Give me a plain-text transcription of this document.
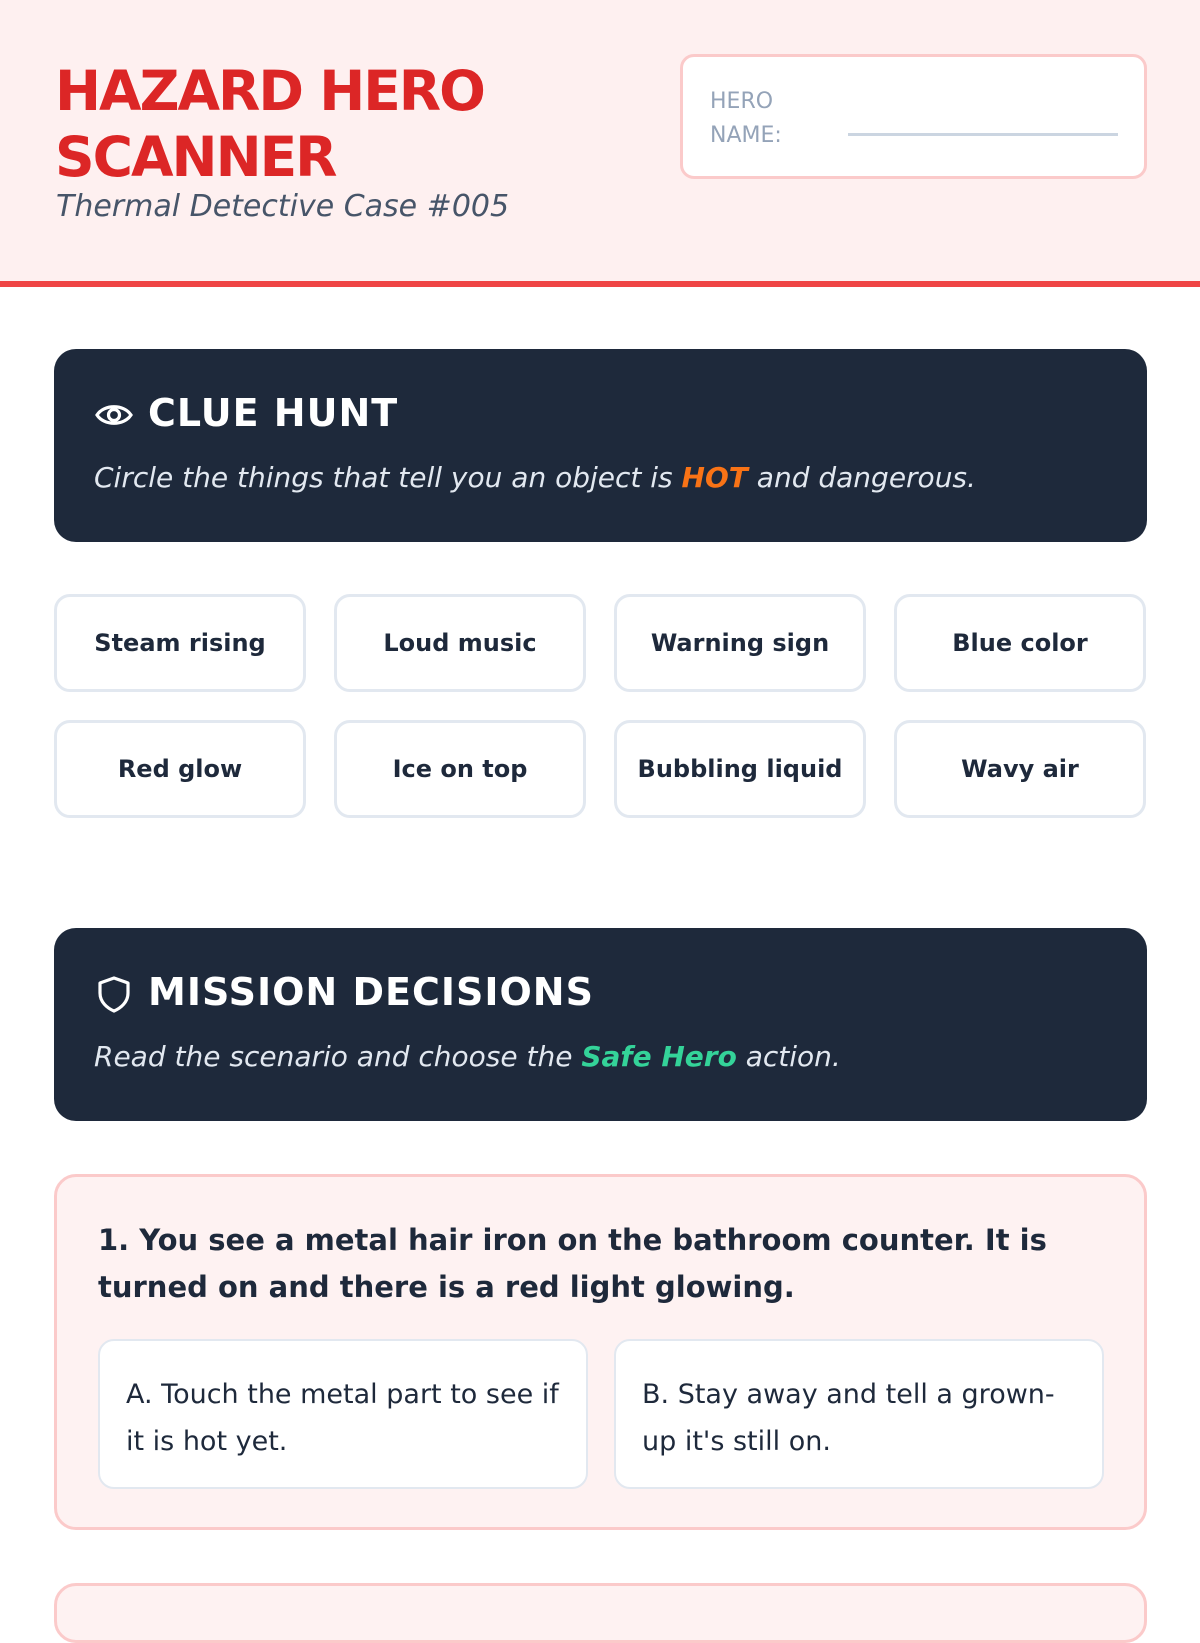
HAZARD HERO SCANNER
Thermal Detective Case #005
HERO NAME:
CLUE HUNT
Circle the things that tell you an object is HOT and dangerous.
Steam rising	Loud music	Warning sign	Blue color
Red glow	Ice on top	Bubbling liquid	Wavy air
MISSION DECISIONS
Read the scenario and choose the Safe Hero action.
1. You see a metal hair iron on the bathroom counter. It is turned on and there is a red light glowing.
A. Touch the metal part to see if it is hot yet.
B. Stay away and tell a grown-up it's still on.
